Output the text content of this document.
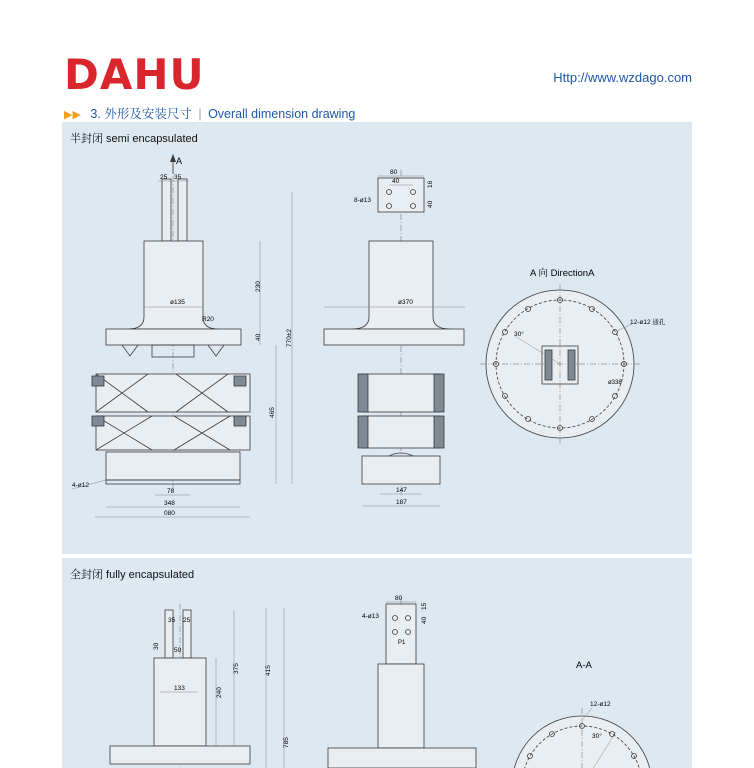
DAHU	Http://www.wzdago.com
▶▶ 3. 外形及安装尺寸 | Overall dimension drawing
半封闭 semi encapsulated
A
25 35
ø135
R20
4-ø12
78
348
080
230
40
465
770±2
80
40
8-ø13
16
40
ø370
147
187
A 向 DirectionA
30°
12-ø12 通孔
ø338
全封闭 fully encapsulated
35 25
30
50
133	240
375	415
785
80
4-ø13
40
15
P1
A-A
30°
12-ø12
